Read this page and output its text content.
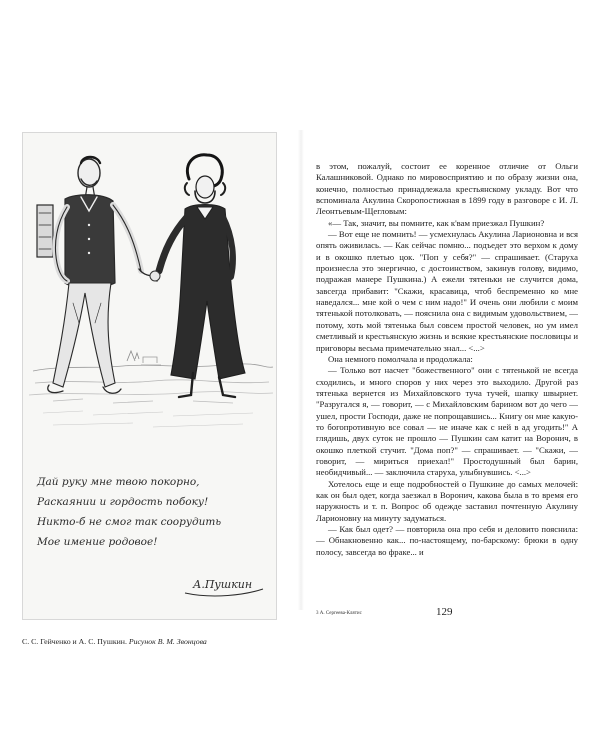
Дай руку мне твою покорно,
Раскаянии и гордость побоку!
Никто-б не смог так соорудить
Мое имение родовое!
А.Пушкин
С. С. Гейченко и А. С. Пушкин. Рисунок В. М. Звонцова

в этом, пожалуй, состоит ее коренное отличие от Ольги Калашниковой. Однако по мировосприятию и по образу жизни она, конечно, полностью принадлежала крестьянскому укладу. Вот что вспоминала Акулина Скоропостижная в 1899 году в разговоре с И. Л. Леонтьевым-Щегловым:

«— Так, значит, вы помните, как к'вам приезжал Пушкин?

— Вот еще не помнить! — усмехнулась Акулина Ларионовна и вся опять оживилась. — Как сейчас помню... подъедет это верхом к дому и в окошко плетью цок. "Поп у себя?" — спрашивает. (Старуха произнесла это энергично, с достоинством, закинув голову, видимо, подражая манере Пушкина.) А ежели тятеньки не случится дома, завсегда прибавит: "Скажи, красавица, чтоб беспременно ко мне наведался... мне кой о чем с ним надо!" И очень они любили с моим тятенькой потолковать, — пояснила она с видимым удовольствием, — потому, хоть мой тятенька был совсем простой человек, но ум имел сметливый и крестьянскую жизнь и всякие крестьянские пословицы и приговоры весьма примечательно знал... <...>

Она немного помолчала и продолжала:

— Только вот насчет "божественного" они с тятенькой не всегда сходились, и много споров у них через это выходило. Другой раз тятенька вернется из Михайловского туча тучей, шапку швырнет. "Разругался я, — говорит, — с Михайловским барином вот до чего — ушел, прости Господи, даже не попрощавшись... Книгу он мне какую-то богопротивную все совал — не иначе как с ней в ад угодить!" А глядишь, двух суток не прошло — Пушкин сам катит на Воронич, в окошко плеткой стучит. "Дома поп?" — спрашивает. — "Скажи, — говорит, — мириться приехал!" Простодушный был барин, необидчивый... — заключила старуха, улыбнувшись. <...>

Хотелось еще и еще подробностей о Пушкине до самых мелочей: как он был одет, когда заезжал в Воронич, какова была в то время его наружность и т. п. Вопрос об одежде заставил почтенную Акулину Ларионовну на минуту задуматься.

— Как был одет? — повторила она про себя и деловито пояснила: — Обнакновенно как... по-настоящему, по-барскому: брюки в одну полосу, завсегда во фраке... и

3 А. Сергеева-Клятис	129
